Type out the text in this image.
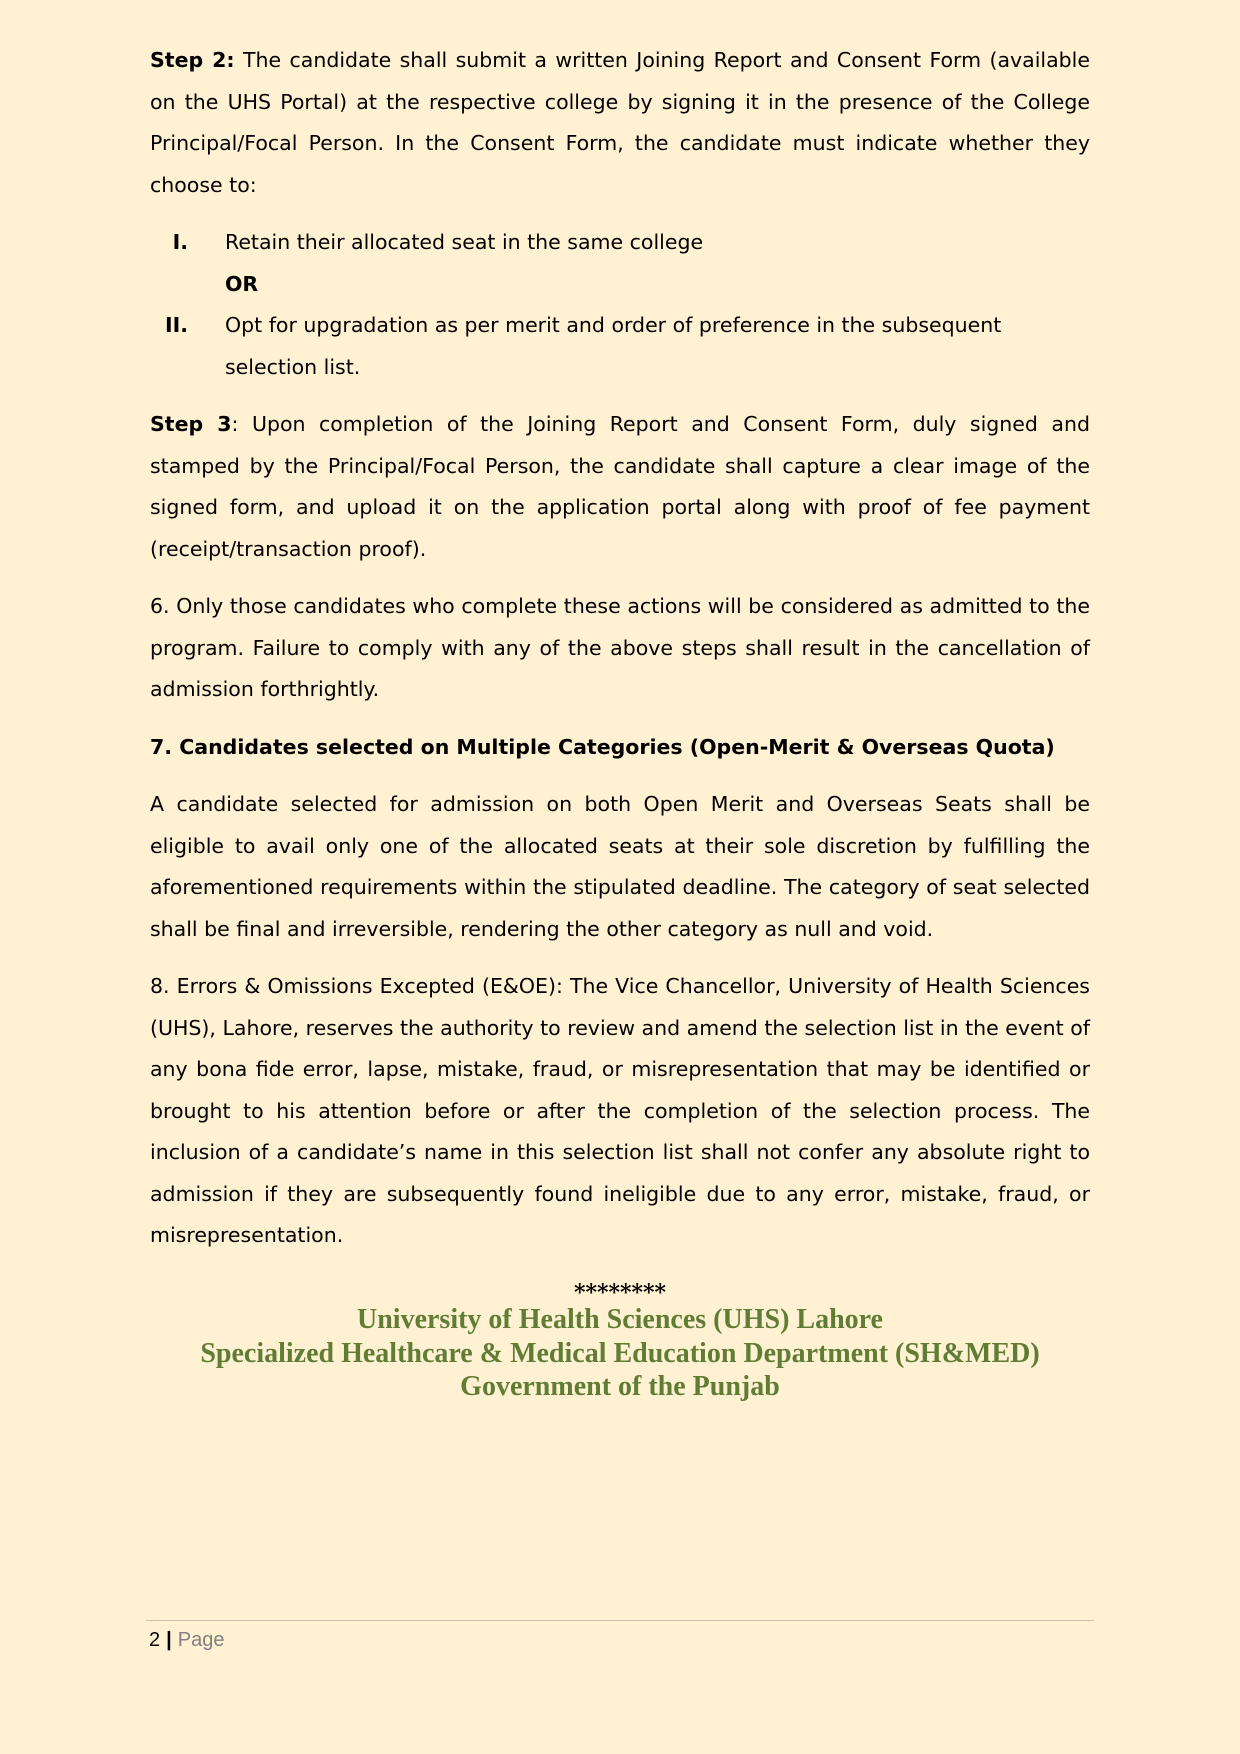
Step 2: The candidate shall submit a written Joining Report and Consent Form (available on the UHS Portal) at the respective college by signing it in the presence of the College Principal/Focal Person. In the Consent Form, the candidate must indicate whether they choose to:

I. Retain their allocated seat in the same college
OR
II. Opt for upgradation as per merit and order of preference in the subsequent selection list.

Step 3: Upon completion of the Joining Report and Consent Form, duly signed and stamped by the Principal/Focal Person, the candidate shall capture a clear image of the signed form, and upload it on the application portal along with proof of fee payment (receipt/transaction proof).

6. Only those candidates who complete these actions will be considered as admitted to the program. Failure to comply with any of the above steps shall result in the cancellation of admission forthrightly.

7. Candidates selected on Multiple Categories (Open-Merit & Overseas Quota)

A candidate selected for admission on both Open Merit and Overseas Seats shall be eligible to avail only one of the allocated seats at their sole discretion by fulfilling the aforementioned requirements within the stipulated deadline. The category of seat selected shall be final and irreversible, rendering the other category as null and void.

8. Errors & Omissions Excepted (E&OE): The Vice Chancellor, University of Health Sciences (UHS), Lahore, reserves the authority to review and amend the selection list in the event of any bona fide error, lapse, mistake, fraud, or misrepresentation that may be identified or brought to his attention before or after the completion of the selection process. The inclusion of a candidate’s name in this selection list shall not confer any absolute right to admission if they are subsequently found ineligible due to any error, mistake, fraud, or misrepresentation.

********
University of Health Sciences (UHS) Lahore
Specialized Healthcare & Medical Education Department (SH&MED)
Government of the Punjab
2 | Page
